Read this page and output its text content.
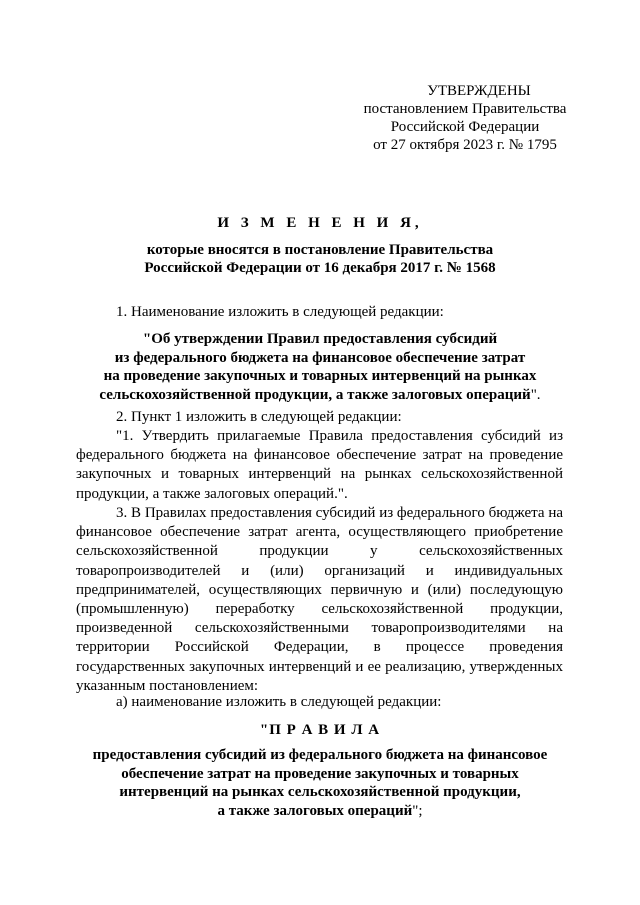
УТВЕРЖДЕНЫ
постановлением Правительства
Российской Федерации
от 27 октября 2023 г. № 1795
И З М Е Н Е Н И Я,
которые вносятся в постановление Правительства
Российской Федерации от 16 декабря 2017 г. № 1568
1. Наименование изложить в следующей редакции:
"Об утверждении Правил предоставления субсидий
из федерального бюджета на финансовое обеспечение затрат
на проведение закупочных и товарных интервенций на рынках
сельскохозяйственной продукции, а также залоговых операций".
2. Пункт 1 изложить в следующей редакции:
"1. Утвердить прилагаемые Правила предоставления субсидий из федерального бюджета на финансовое обеспечение затрат на проведение закупочных и товарных интервенций на рынках сельскохозяйственной продукции, а также залоговых операций.".
3. В Правилах предоставления субсидий из федерального бюджета на финансовое обеспечение затрат агента, осуществляющего приобретение сельскохозяйственной продукции у сельскохозяйственных товаропроизводителей и (или) организаций и индивидуальных предпринимателей, осуществляющих первичную и (или) последующую (промышленную) переработку сельскохозяйственной продукции, произведенной сельскохозяйственными товаропроизводителями на территории Российской Федерации, в процессе проведения государственных закупочных интервенций и ее реализацию, утвержденных указанным постановлением:
а) наименование изложить в следующей редакции:
"П Р А В И Л А
предоставления субсидий из федерального бюджета на финансовое
обеспечение затрат на проведение закупочных и товарных
интервенций на рынках сельскохозяйственной продукции,
а также залоговых операций";
